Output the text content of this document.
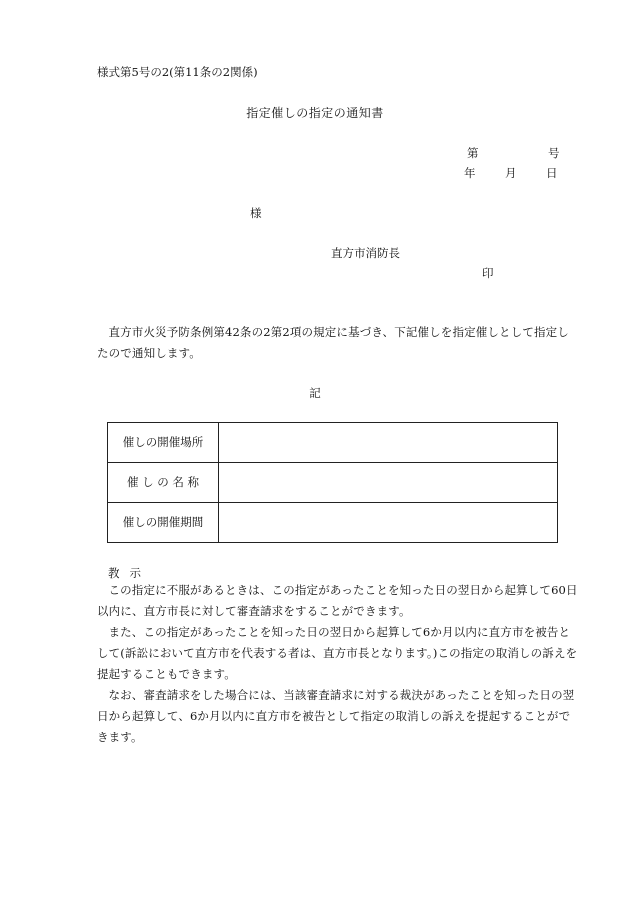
様式第5号の2(第11条の2関係)
指定催しの指定の通知書
第	号
年	月	日
様
直方市消防長
印
直方市火災予防条例第42条の2第2項の規定に基づき、下記催しを指定催しとして指定したので通知します。
記
催しの開催場所	
催 し の 名 称	
催しの開催期間	
教示

この指定に不服があるときは、この指定があったことを知った日の翌日から起算して60日以内に、直方市長に対して審査請求をすることができます。

また、この指定があったことを知った日の翌日から起算して6か月以内に直方市を被告として(訴訟において直方市を代表する者は、直方市長となります。)この指定の取消しの訴えを提起することもできます。

なお、審査請求をした場合には、当該審査請求に対する裁決があったことを知った日の翌日から起算して、6か月以内に直方市を被告として指定の取消しの訴えを提起することができます。
